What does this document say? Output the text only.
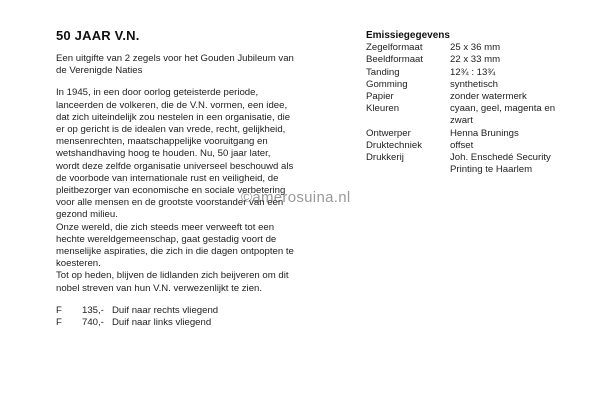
50 JAAR V.N.

Een uitgifte van 2 zegels voor het Gouden Jubileum van
de Verenigde Naties

In 1945, in een door oorlog geteisterde periode,
lanceerden de volkeren, die de V.N. vormen, een idee,
dat zich uiteindelijk zou nestelen in een organisatie, die
er op gericht is de idealen van vrede, recht, gelijkheid,
mensenrechten, maatschappelijke vooruitgang en
wetshandhaving hoog te houden. Nu, 50 jaar later,
wordt deze zelfde organisatie universeel beschouwd als
de voorbode van internationale rust en veiligheid, de
pleitbezorger van economische en sociale verbetering
voor alle mensen en de grootste voorstander van een
gezond milieu.
Onze wereld, die zich steeds meer verweeft tot een
hechte wereldgemeenschap, gaat gestadig voort de
menselijke aspiraties, die zich in die dagen ontpopten te
koesteren.
Tot op heden, blijven de lidlanden zich beijveren om dit
nobel streven van hun V.N. verwezenlijkt te zien.

F	135,- Duif naar rechts vliegend
F	740,- Duif naar links vliegend
Emissiegegevens
Zegelformaat	25 x 36 mm
Beeldformaat	22 x 33 mm
Tanding	12¾ : 13¾
Gomming	synthetisch
Papier	zonder watermerk
Kleuren	cyaan, geel, magenta en
zwart
Ontwerper	Henna Brunings
Druktechniek	offset
Drukkerij	Joh. Enschedé Security
Printing te Haarlem
©amerosuina.nl
